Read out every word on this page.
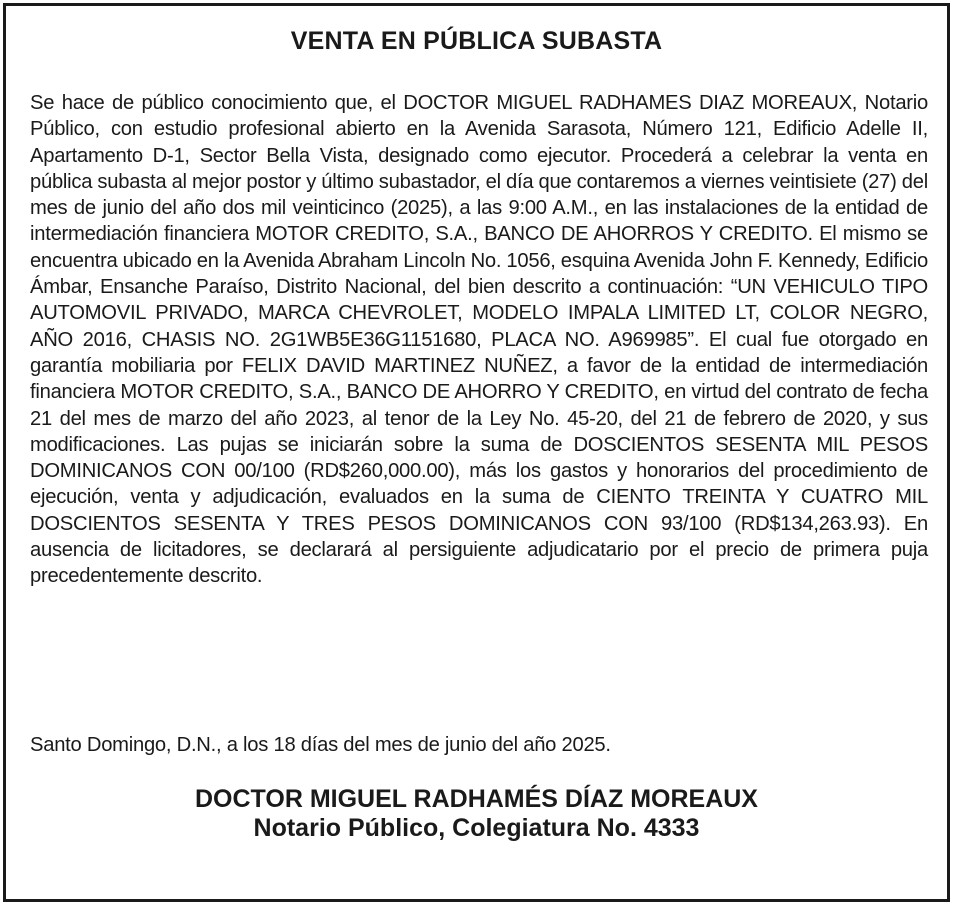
VENTA EN PÚBLICA SUBASTA

Se hace de público conocimiento que, el DOCTOR MIGUEL RADHAMES DIAZ MOREAUX, Notario Público, con estudio profesional abierto en la Avenida Sarasota, Número 121, Edificio Adelle II, Apartamento D-1, Sector Bella Vista, designado como ejecutor. Procederá a celebrar la venta en pública subasta al mejor postor y último subastador, el día que contaremos a viernes veintisiete (27) del mes de junio del año dos mil veinticinco (2025), a las 9:00 A.M., en las instalaciones de la entidad de intermediación financiera MOTOR CREDITO, S.A., BANCO DE AHORROS Y CREDITO. El mismo se encuentra ubicado en la Avenida Abraham Lincoln No. 1056, esquina Avenida John F. Kennedy, Edificio Ámbar, Ensanche Paraíso, Distrito Nacional, del bien descrito a continuación: “UN VEHICULO TIPO AUTOMOVIL PRIVADO, MARCA CHEVROLET, MODELO IMPALA LIMITED LT, COLOR NEGRO, AÑO 2016, CHASIS NO. 2G1WB5E36G1151680, PLACA NO. A969985”. El cual fue otorgado en garantía mobiliaria por FELIX DAVID MARTINEZ NUÑEZ, a favor de la entidad de intermediación financiera MOTOR CREDITO, S.A., BANCO DE AHORRO Y CREDITO, en virtud del contrato de fecha 21 del mes de marzo del año 2023, al tenor de la Ley No. 45-20, del 21 de febrero de 2020, y sus modificaciones. Las pujas se iniciarán sobre la suma de DOSCIENTOS SESENTA MIL PESOS DOMINICANOS CON 00/100 (RD$260,000.00), más los gastos y honorarios del procedimiento de ejecución, venta y adjudicación, evaluados en la suma de CIENTO TREINTA Y CUATRO MIL DOSCIENTOS SESENTA Y TRES PESOS DOMINICANOS CON 93/100 (RD$134,263.93). En ausencia de licitadores, se declarará al persiguiente adjudicatario por el precio de primera puja precedentemente descrito.

Santo Domingo, D.N., a los 18 días del mes de junio del año 2025.
DOCTOR MIGUEL RADHAMÉS DÍAZ MOREAUX
Notario Público, Colegiatura No. 4333
